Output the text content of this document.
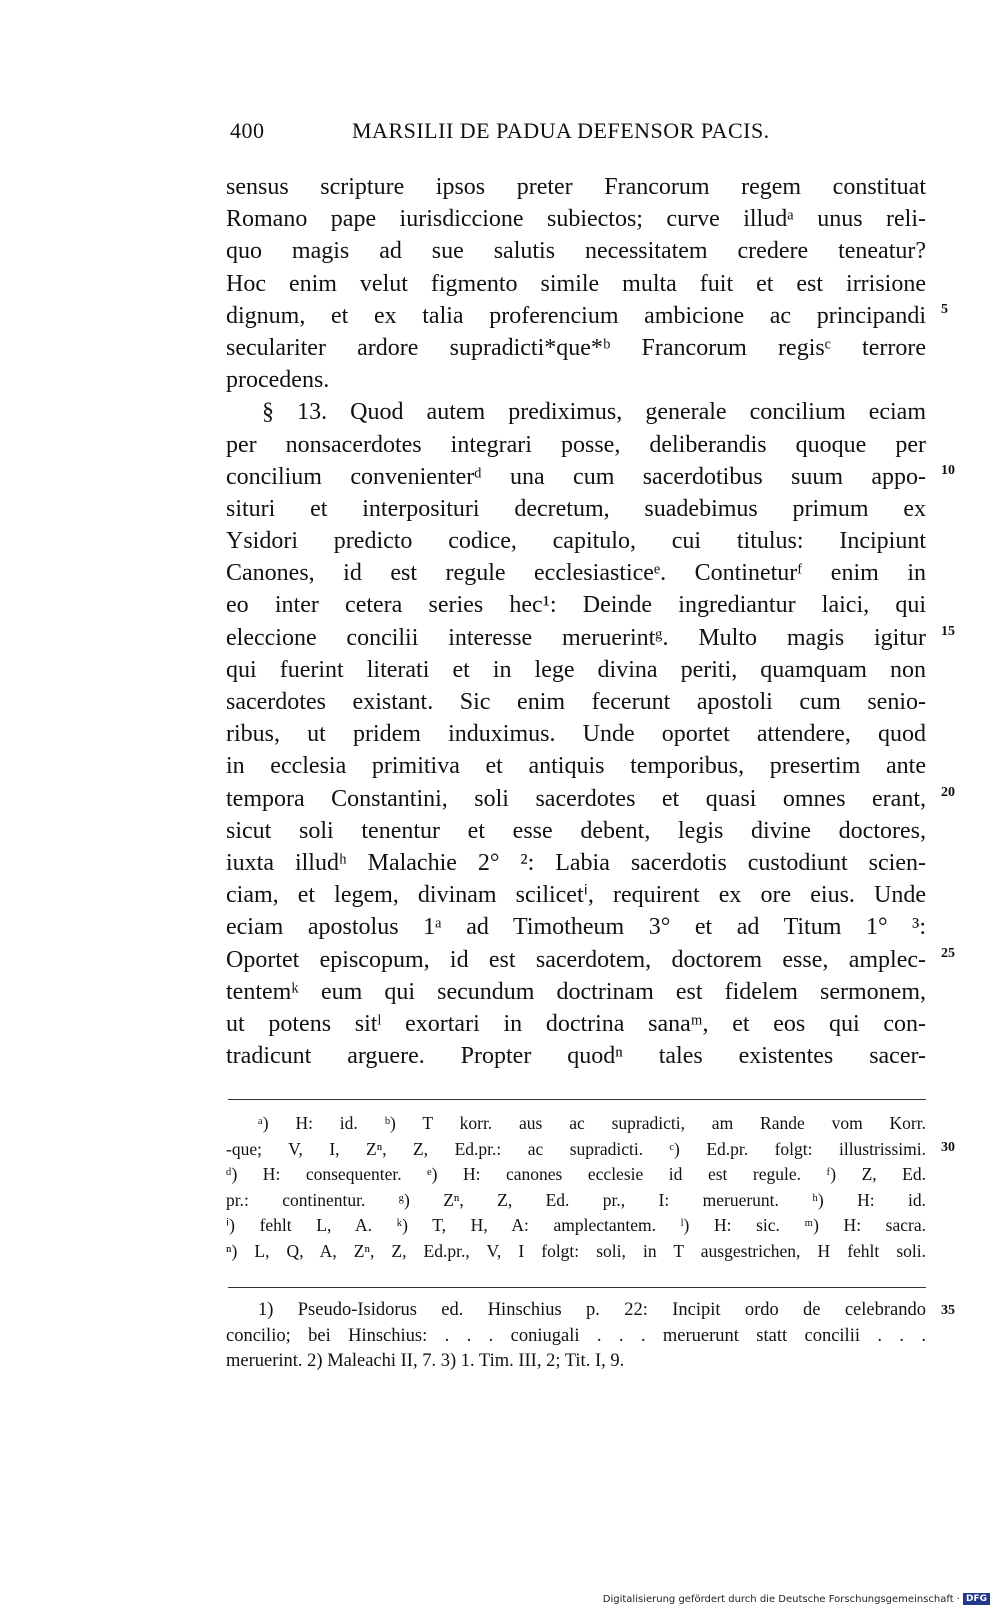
400	MARSILII DE PADUA DEFENSOR PACIS.
sensus scripture ipsos preter Francorum regem constituat
Romano pape iurisdiccione subiectos; curve illudᵃ unus reli-
quo magis ad sue salutis necessitatem credere teneatur?
Hoc enim velut figmento simile multa fuit et est irrisione
dignum, et ex talia proferencium ambicione ac principandi
seculariter ardore supradicti*que*ᵇ Francorum regisᶜ terrore
procedens.
§ 13. Quod autem prediximus, generale concilium eciam
per nonsacerdotes integrari posse, deliberandis quoque per
concilium convenienterᵈ una cum sacerdotibus suum appo-
situri et interposituri decretum, suadebimus primum ex
Ysidori predicto codice, capitulo, cui titulus: Incipiunt
Canones, id est regule ecclesiasticeᵉ. Contineturᶠ enim in
eo inter cetera series hec¹: Deinde ingrediantur laici, qui
eleccione concilii interesse meruerintᵍ. Multo magis igitur
qui fuerint literati et in lege divina periti, quamquam non
sacerdotes existant. Sic enim fecerunt apostoli cum senio-
ribus, ut pridem induximus. Unde oportet attendere, quod
in ecclesia primitiva et antiquis temporibus, presertim ante
tempora Constantini, soli sacerdotes et quasi omnes erant,
sicut soli tenentur et esse debent, legis divine doctores,
iuxta illudʰ Malachie 2° ²: Labia sacerdotis custodiunt scien-
ciam, et legem, divinam scilicetⁱ, requirent ex ore eius. Unde
eciam apostolus 1ᵃ ad Timotheum 3° et ad Titum 1° ³:
Oportet episcopum, id est sacerdotem, doctorem esse, amplec-
tentemᵏ eum qui secundum doctrinam est fidelem sermonem,
ut potens sitˡ exortari in doctrina sanaᵐ, et eos qui con-
tradicunt arguere. Propter quodⁿ tales existentes sacer-
5
10
15
20
25
30
35
ᵃ) H: id. ᵇ) T korr. aus ac supradicti, am Rande vom Korr.
-que; V, I, Zⁿ, Z, Ed.pr.: ac supradicti. ᶜ) Ed.pr. folgt: illustrissimi.
ᵈ) H: consequenter. ᵉ) H: canones ecclesie id est regule. ᶠ) Z, Ed.
pr.: continentur. ᵍ) Zⁿ, Z, Ed. pr., I: meruerunt. ʰ) H: id.
ⁱ) fehlt L, A. ᵏ) T, H, A: amplectantem. ˡ) H: sic. ᵐ) H: sacra.
ⁿ) L, Q, A, Zⁿ, Z, Ed.pr., V, I folgt: soli, in T ausgestrichen, H fehlt soli.
1) Pseudo-Isidorus ed. Hinschius p. 22: Incipit ordo de celebrando
concilio; bei Hinschius: . . . coniugali . . . meruerunt statt concilii . . .
meruerint. 2) Maleachi II, 7. 3) 1. Tim. III, 2; Tit. I, 9.
Digitalisierung gefördert durch die Deutsche Forschungsgemeinschaft · DFG
